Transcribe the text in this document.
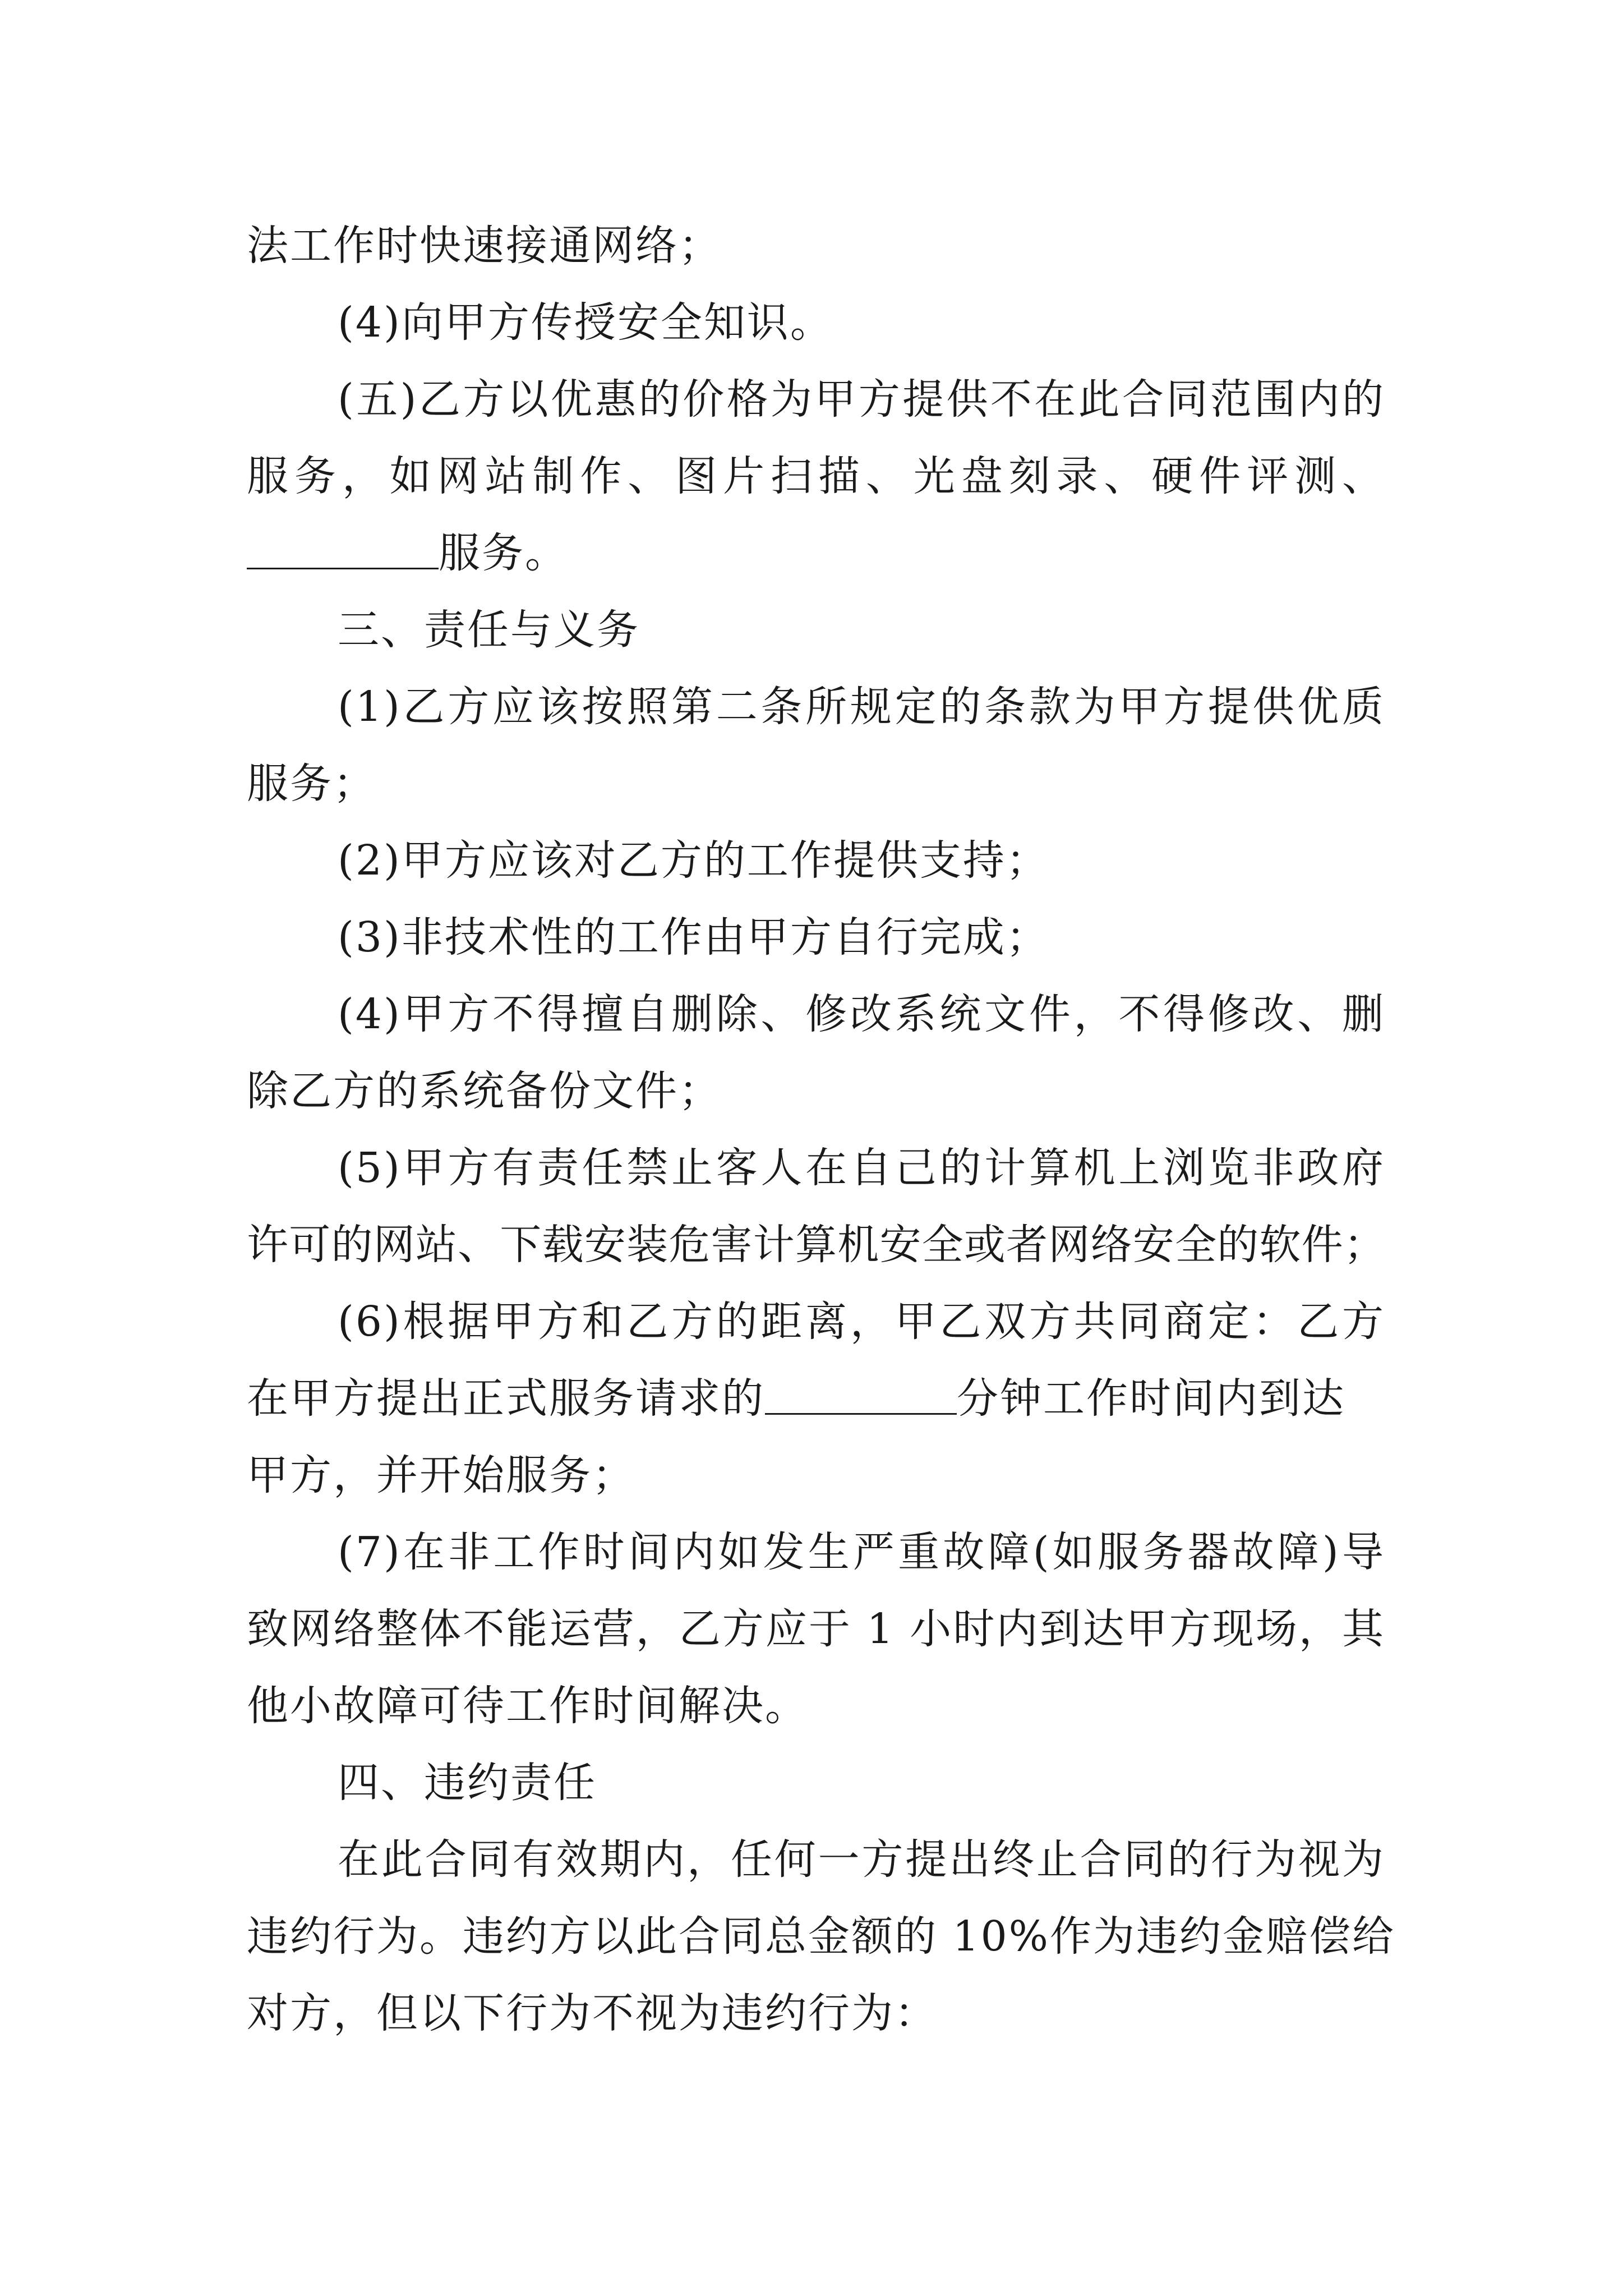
法工作时快速接通网络；
(4)向甲方传授安全知识。
(五)乙方以优惠的价格为甲方提供不在此合同范围内的
服务，如网站制作、图片扫描、光盘刻录、硬件评测、
服务。
三、责任与义务
(1)乙方应该按照第二条所规定的条款为甲方提供优质
服务；
(2)甲方应该对乙方的工作提供支持；
(3)非技术性的工作由甲方自行完成；
(4)甲方不得擅自删除、修改系统文件，不得修改、删
除乙方的系统备份文件；
(5)甲方有责任禁止客人在自己的计算机上浏览非政府
许可的网站、下载安装危害计算机安全或者网络安全的软件；
(6)根据甲方和乙方的距离，甲乙双方共同商定：乙方
在甲方提出正式服务请求的	分钟工作时间内到达
甲方，并开始服务；
(7)在非工作时间内如发生严重故障(如服务器故障)导
致网络整体不能运营，乙方应于 1 小时内到达甲方现场，其
他小故障可待工作时间解决。
四、违约责任
在此合同有效期内，任何一方提出终止合同的行为视为
违约行为。违约方以此合同总金额的 10%作为违约金赔偿给
对方，但以下行为不视为违约行为：
